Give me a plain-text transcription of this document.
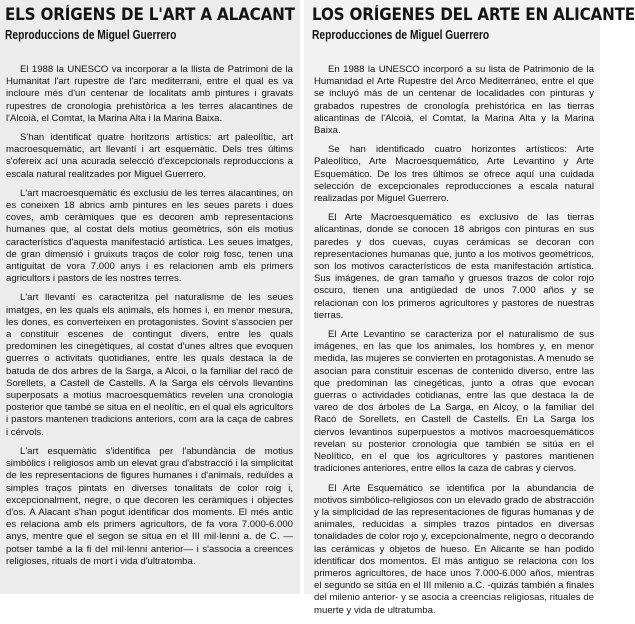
ELS ORÍGENS DE L'ART A ALACANT
Reproduccions de Miguel Guerrero

El 1988 la UNESCO va incorporar a la llista de Patrimoni de la Humanitat l'art rupestre de l'arc mediterrani, entre el qual es va incloure més d'un centenar de localitats amb pintures i gravats rupestres de cronologia prehistòrica a les terres alacantines de l'Alcoià, el Comtat, la Marina Alta i la Marina Baixa.

S'han identificat quatre horitzons artístics: art paleolític, art macroesquemàtic, art llevantí i art esquemàtic. Dels tres últims s'ofereix ací una acurada selecció d'excepcionals reproduccions a escala natural realitzades por Miguel Guerrero.

L'art macroesquemàtic és exclusiu de les terres alacantines, on es coneixen 18 abrics amb pintures en les seues parets i dues coves, amb ceràmiques que es decoren amb representacions humanes que, al costat dels motius geomètrics, són els motius característics d'aquesta manifestació artística. Les seues imatges, de gran dimensió i gruixuts traços de color roig fosc, tenen una antiguitat de vora 7.000 anys i es relacionen amb els primers agricultors i pastors de les nostres terres.

L'art llevantí es caracteritza pel naturalisme de les seues imatges, en les quals els animals, els homes i, en menor mesura, les dones, es converteixen en protagonistes. Sovint s'associen per a constituir escenes de contingut divers, entre les quals predominen les cinegètiques, al costat d'unes altres que evoquen guerres o activitats quotidianes, entre les quals destaca la de batuda de dos arbres de la Sarga, a Alcoi, o la familiar del racó de Sorellets, a Castell de Castells. A la Sarga els cérvols llevantins superposats a motius macroesquemàtics revelen una cronologia posterior que també se situa en el neolític, en el qual els agricultors i pastors mantenen tradicions anteriors, com ara la caça de cabres i cérvols.

L'art esquemàtic s'identifica per l'abundància de motius simbòlics i religiosos amb un elevat grau d'abstracció i la simplicitat de les representacions de figures humanes i d'animals, reduïdes a simples traços pintats en diverses tonalitats de color roig i, excepcionalment, negre, o que decoren les ceràmiques i objectes d'os. A Alacant s'han pogut identificar dos moments. El més antic es relaciona amb els primers agricultors, de fa vora 7.000-6.000 anys, mentre que el segon se situa en el III mil·lenni a. de C. —potser també a la fi del mil·lenni anterior— i s'associa a creences religioses, rituals de mort i vida d'ultratomba.

LOS ORÍGENES DEL ARTE EN ALICANTE
Reproducciones de Miguel Guerrero

En 1988 la UNESCO incorporó a su lista de Patrimonio de la Humanidad el Arte Rupestre del Arco Mediterráneo, entre el que se incluyó más de un centenar de localidades con pinturas y grabados rupestres de cronología prehistórica en las tierras alicantinas de l'Alcoià, el Comtat, la Marina Alta y la Marina Baixa.

Se han identificado cuatro horizontes artísticos: Arte Paleolítico, Arte Macroesquemático, Arte Levantino y Arte Esquemático. De los tres últimos se ofrece aquí una cuidada selección de excepcionales reproducciones a escala natural realizadas por Miguel Guerrero.

El Arte Macroesquemático es exclusivo de las tierras alicantinas, donde se conocen 18 abrigos con pinturas en sus paredes y dos cuevas, cuyas cerámicas se decoran con representaciones humanas que, junto a los motivos geométricos, son los motivos característicos de esta manifestación artística. Sus imágenes, de gran tamaño y gruesos trazos de color rojo oscuro, tienen una antigüedad de unos 7.000 años y se relacionan con los primeros agricultores y pastores de nuestras tierras.

El Arte Levantino se caracteriza por el naturalismo de sus imágenes, en las que los animales, los hombres y, en menor medida, las mujeres se convierten en protagonistas. A menudo se asocian para constituir escenas de contenido diverso, entre las que predominan las cinegéticas, junto a otras que evocan guerras o actividades cotidianas, entre las que destaca la de vareo de dos árboles de La Sarga, en Alcoy, o la familiar del Racó de Sorellets, en Castell de Castells. En La Sarga los ciervos levantinos superpuestos a motivos macroesquemáticos revelan su posterior cronología que también se sitúa en el Neolítico, en el que los agricultores y pastores mantienen tradiciones anteriores, entre ellos la caza de cabras y ciervos.

El Arte Esquemático se identifica por la abundancia de motivos simbólico-religiosos con un elevado grado de abstracción y la simplicidad de las representaciones de figuras humanas y de animales, reducidas a simples trazos pintados en diversas tonalidades de color rojo y, excepcionalmente, negro o decorando las cerámicas y objetos de hueso. En Alicante se han podido identificar dos momentos. El más antiguo se relaciona con los primeros agricultores, de hace unos 7.000-6.000 años, mientras el segundo se sitúa en el III milenio a.C. -quizás también a finales del milenio anterior- y se asocia a creencias religiosas, rituales de muerte y vida de ultratumba.
